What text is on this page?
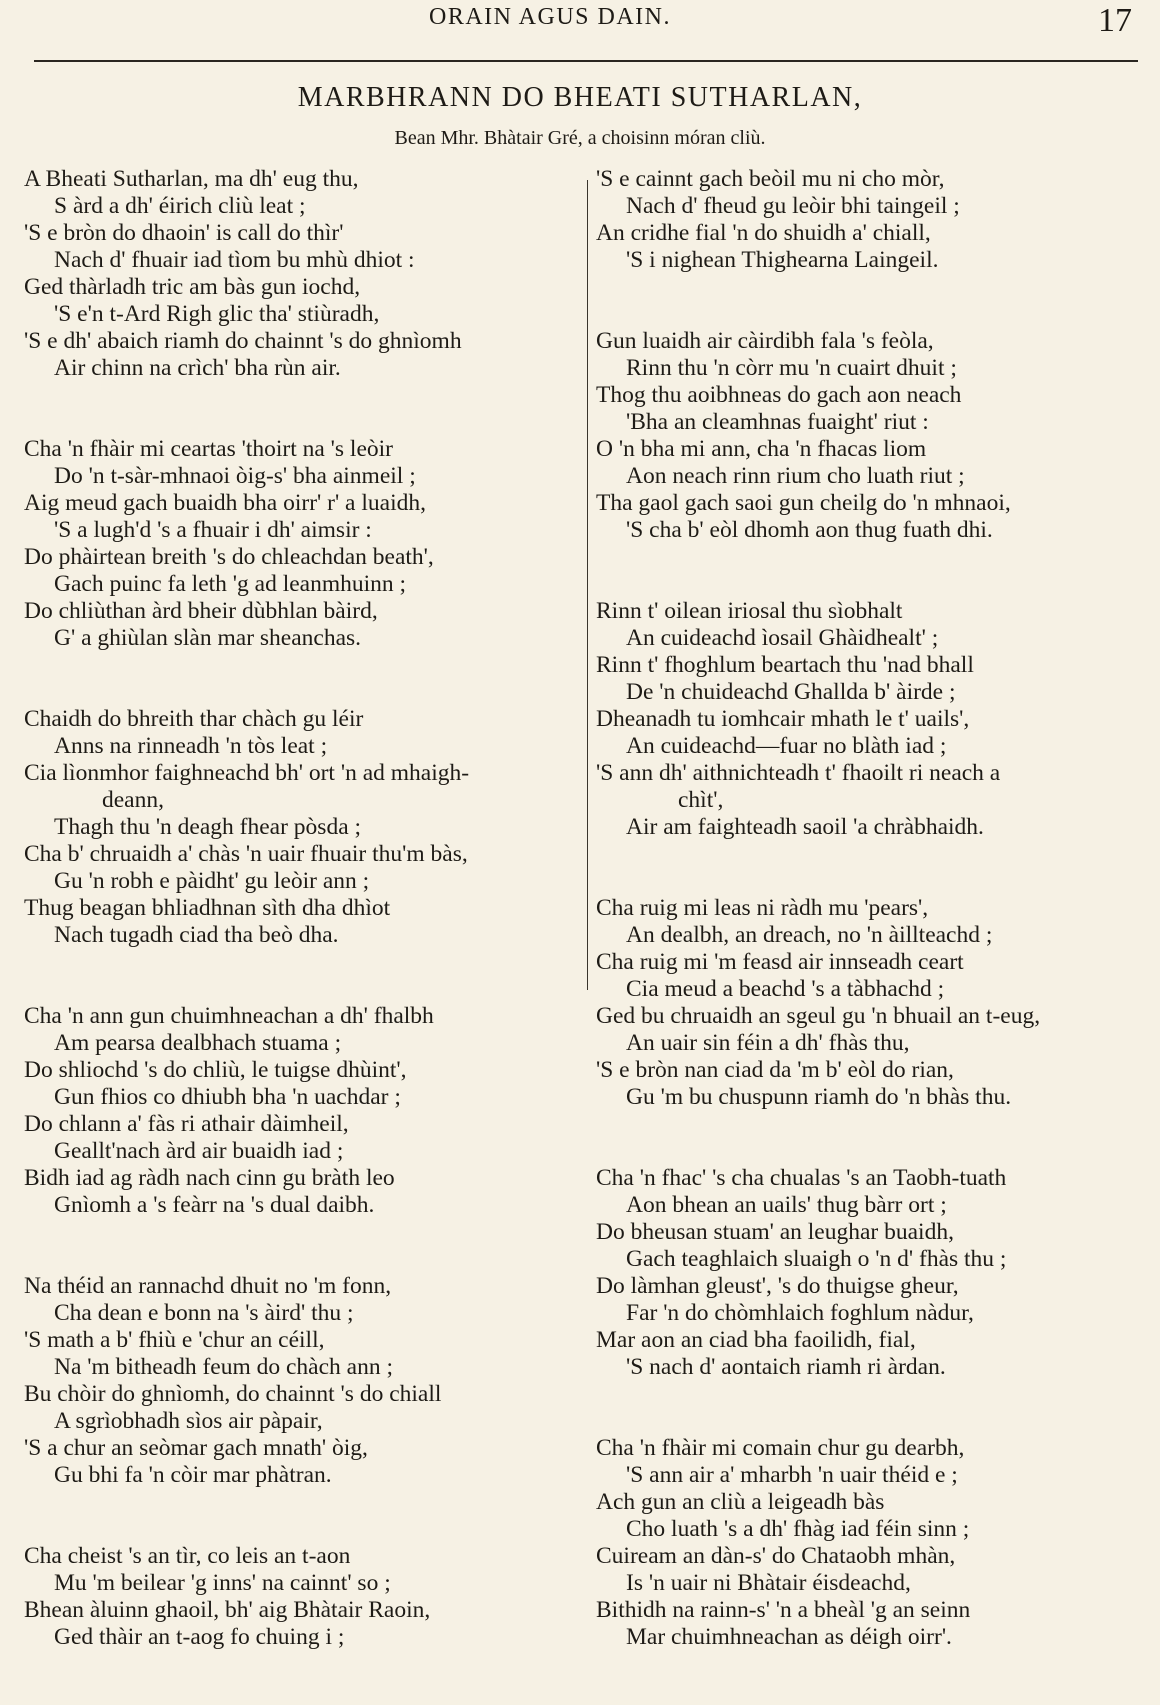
ORAIN AGUS DAIN.	17
MARBHRANN DO BHEATI SUTHARLAN,
Bean Mhr. Bhàtair Gré, a choisinn móran cliù.
A Bheati Sutharlan, ma dh' eug thu,
S àrd a dh' éirich cliù leat ;
'S e bròn do dhaoin' is call do thìr'
Nach d' fhuair iad tìom bu mhù dhiot :
Ged thàrladh tric am bàs gun iochd,
'S e'n t-Ard Righ glic tha' stiùradh,
'S e dh' abaich riamh do chainnt 's do ghnìomh
Air chinn na crìch' bha rùn air.
Cha 'n fhàir mi ceartas 'thoirt na 's leòir
Do 'n t-sàr-mhnaoi òig-s' bha ainmeil ;
Aig meud gach buaidh bha oirr' r' a luaidh,
'S a lugh'd 's a fhuair i dh' aimsir :
Do phàirtean breith 's do chleachdan beath',
Gach puinc fa leth 'g ad leanmhuinn ;
Do chliùthan àrd bheir dùbhlan bàird,
G' a ghiùlan slàn mar sheanchas.
Chaidh do bhreith thar chàch gu léir
Anns na rinneadh 'n tòs leat ;
Cia lìonmhor faighneachd bh' ort 'n ad mhaigh-
deann,
Thagh thu 'n deagh fhear pòsda ;
Cha b' chruaidh a' chàs 'n uair fhuair thu'm bàs,
Gu 'n robh e pàidht' gu leòir ann ;
Thug beagan bhliadhnan sìth dha dhìot
Nach tugadh ciad tha beò dha.
Cha 'n ann gun chuimhneachan a dh' fhalbh
Am pearsa dealbhach stuama ;
Do shliochd 's do chliù, le tuigse dhùint',
Gun fhios co dhiubh bha 'n uachdar ;
Do chlann a' fàs ri athair dàimheil,
Geallt'nach àrd air buaidh iad ;
Bidh iad ag ràdh nach cinn gu bràth leo
Gnìomh a 's feàrr na 's dual daibh.
Na théid an rannachd dhuit no 'm fonn,
Cha dean e bonn na 's àird' thu ;
'S math a b' fhiù e 'chur an céill,
Na 'm bitheadh feum do chàch ann ;
Bu chòir do ghnìomh, do chainnt 's do chiall
A sgrìobhadh sìos air pàpair,
'S a chur an seòmar gach mnath' òig,
Gu bhi fa 'n còir mar phàtran.
Cha cheist 's an tìr, co leis an t-aon
Mu 'm beilear 'g inns' na cainnt' so ;
Bhean àluinn ghaoil, bh' aig Bhàtair Raoin,
Ged thàir an t-aog fo chuing i ;
'S e cainnt gach beòil mu ni cho mòr,
Nach d' fheud gu leòir bhi taingeil ;
An cridhe fial 'n do shuidh a' chiall,
'S i nighean Thighearna Laingeil.
Gun luaidh air càirdibh fala 's feòla,
Rinn thu 'n còrr mu 'n cuairt dhuit ;
Thog thu aoibhneas do gach aon neach
'Bha an cleamhnas fuaight' riut :
O 'n bha mi ann, cha 'n fhacas liom
Aon neach rinn rium cho luath riut ;
Tha gaol gach saoi gun cheilg do 'n mhnaoi,
'S cha b' eòl dhomh aon thug fuath dhi.
Rinn t' oilean iriosal thu sìobhalt
An cuideachd ìosail Ghàidhealt' ;
Rinn t' fhoghlum beartach thu 'nad bhall
De 'n chuideachd Ghallda b' àirde ;
Dheanadh tu iomhcair mhath le t' uails',
An cuideachd—fuar no blàth iad ;
'S ann dh' aithnichteadh t' fhaoilt ri neach a
chìt',
Air am faighteadh saoil 'a chràbhaidh.
Cha ruig mi leas ni ràdh mu 'pears',
An dealbh, an dreach, no 'n àillteachd ;
Cha ruig mi 'm feasd air innseadh ceart
Cia meud a beachd 's a tàbhachd ;
Ged bu chruaidh an sgeul gu 'n bhuail an t-eug,
An uair sin féin a dh' fhàs thu,
'S e bròn nan ciad da 'm b' eòl do rian,
Gu 'm bu chuspunn riamh do 'n bhàs thu.
Cha 'n fhac' 's cha chualas 's an Taobh-tuath
Aon bhean an uails' thug bàrr ort ;
Do bheusan stuam' an leughar buaidh,
Gach teaghlaich sluaigh o 'n d' fhàs thu ;
Do làmhan gleust', 's do thuigse gheur,
Far 'n do chòmhlaich foghlum nàdur,
Mar aon an ciad bha faoilidh, fial,
'S nach d' aontaich riamh ri àrdan.
Cha 'n fhàir mi comain chur gu dearbh,
'S ann air a' mharbh 'n uair théid e ;
Ach gun an cliù a leigeadh bàs
Cho luath 's a dh' fhàg iad féin sinn ;
Cuiream an dàn-s' do Chataobh mhàn,
Is 'n uair ni Bhàtair éisdeachd,
Bithidh na rainn-s' 'n a bheàl 'g an seinn
Mar chuimhneachan as déigh oirr'.
